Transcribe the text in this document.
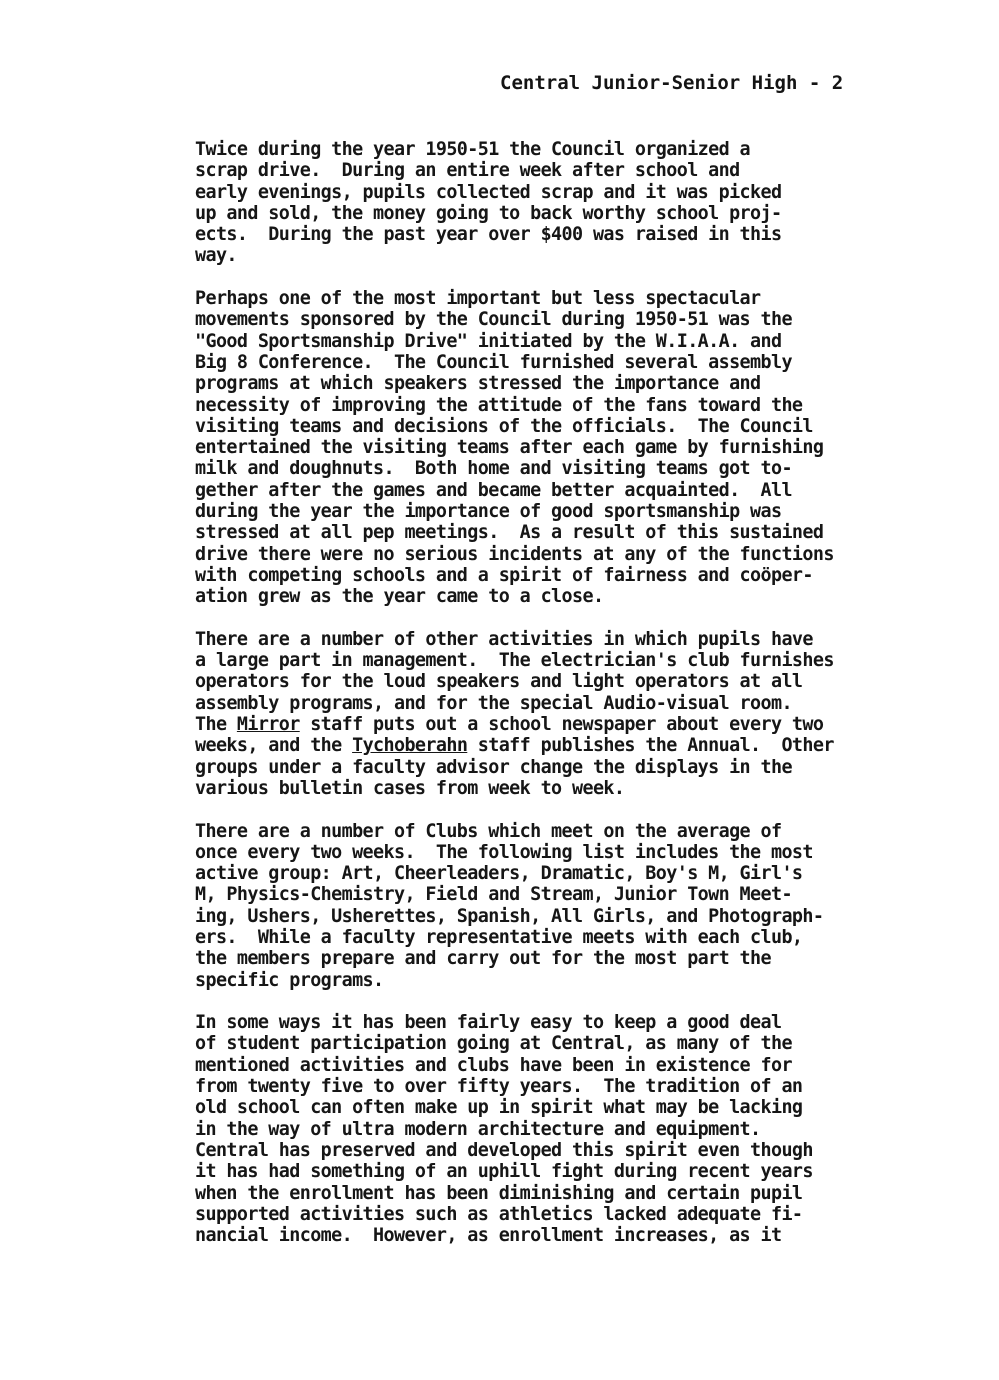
Central Junior-Senior High - 2
Twice during the year 1950-51 the Council organized a
scrap drive.  During an entire week after school and
early evenings, pupils collected scrap and it was picked
up and sold, the money going to back worthy school proj-
ects.  During the past year over $400 was raised in this
way.
Perhaps one of the most important but less spectacular
movements sponsored by the Council during 1950-51 was the
"Good Sportsmanship Drive" initiated by the W.I.A.A. and
Big 8 Conference.  The Council furnished several assembly
programs at which speakers stressed the importance and
necessity of improving the attitude of the fans toward the
visiting teams and decisions of the officials.  The Council
entertained the visiting teams after each game by furnishing
milk and doughnuts.  Both home and visiting teams got to-
gether after the games and became better acquainted.  All
during the year the importance of good sportsmanship was
stressed at all pep meetings.  As a result of this sustained
drive there were no serious incidents at any of the functions
with competing schools and a spirit of fairness and coöper-
ation grew as the year came to a close.
There are a number of other activities in which pupils have
a large part in management.  The electrician's club furnishes
operators for the loud speakers and light operators at all
assembly programs, and for the special Audio-visual room.
The Mirror staff puts out a school newspaper about every two
weeks, and the Tychoberahn staff publishes the Annual.  Other
groups under a faculty advisor change the displays in the
various bulletin cases from week to week.
There are a number of Clubs which meet on the average of
once every two weeks.  The following list includes the most
active group: Art, Cheerleaders, Dramatic, Boy's M, Girl's
M, Physics-Chemistry, Field and Stream, Junior Town Meet-
ing, Ushers, Usherettes, Spanish, All Girls, and Photograph-
ers.  While a faculty representative meets with each club,
the members prepare and carry out for the most part the
specific programs.
In some ways it has been fairly easy to keep a good deal
of student participation going at Central, as many of the
mentioned activities and clubs have been in existence for
from twenty five to over fifty years.  The tradition of an
old school can often make up in spirit what may be lacking
in the way of ultra modern architecture and equipment.
Central has preserved and developed this spirit even though
it has had something of an uphill fight during recent years
when the enrollment has been diminishing and certain pupil
supported activities such as athletics lacked adequate fi-
nancial income.  However, as enrollment increases, as it
